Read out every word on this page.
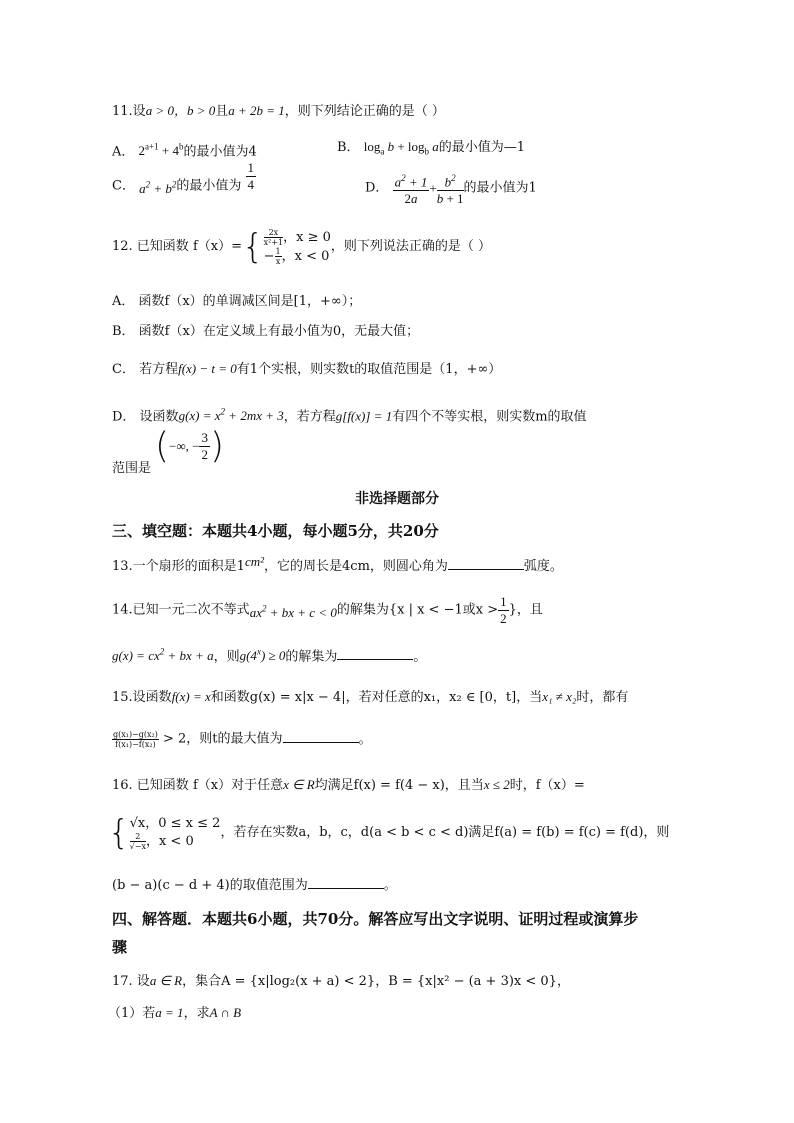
11.设a > 0，b > 0且a + 2b = 1，则下列结论正确的是（ ）
A． $2^{a+1} + 4^b$的最小值为4	B． $\log_a b + \log_b a$的最小值为—1
C． $a^2 + b^2$的最小值为 $\frac{1}{4}$	D． $\frac{a^2 + 1}{2a} + \frac{b^2}{b + 1}$ 的最小值为1
12. 已知函数 $f(x)=\{ \frac{2x}{\text{x²+1}}$ ，x ≥ 0
− $\frac{1}{x}$ ，x < 0
，则下列说法正确的是（ ）
A． 函数f（x）的单调减区间是[1，+∞）；
B． 函数f（x）在定义域上有最小值为0，无最大值；
C． 若方程f(x) − t = 0有1个实根，则实数t的取值范围是（1，+∞）
D． 设函数$g(x) = x^2 + 2mx + 3$，若方程g[f(x)] = 1有四个不等实根，则实数m的取值
范围是
(−∞, − $\frac{3}{2}$ )
非选择题部分
三、填空题：本题共4小题，每小题5分，共20分
13.一个扇形的面积是1cm²，它的周长是4cm，则圆心角为	弧度。
14.已知一元二次不等式$ax^2$ + bx + c < 0的解集为{x | x < −1或$x > \frac{1}{2}$ }，且
$g(x) = cx^2$ + bx + a，则$g(4^x) \ge 0$的解集为	。
15.设函数f(x) = x和函数g(x) = x|x − 4|，若对任意的x₁，x₂ ∈ [0，t]，当x₁ ≠ x₂时，都有
$\frac{\text{g(x₁)−g(x₂)}}{\text{f(x₁)−f(x₂)}} > 2$，则t的最大值为	。
16. 已知函数 f（x）对于任意x ∈ R均满足f(x) = f(4 − x)，且当x ≤ 2时，f（x）=
{ √x，0 ≤ x ≤ 2
$\frac{2}{√-x}$ ，x < 0
，若存在实数a，b，c，d(a < b < c < d)满足f(a) = f(b) = f(c) = f(d)，则
(b − a)(c − d + 4)的取值范围为	。
四、解答题．本题共6小题，共70分。解答应写出文字说明、证明过程或演算步
骤
17. 设a ∈ R，集合A = {x|log₂(x + a) < 2}，B = {x|x² − (a + 3)x < 0}，
（1）若a = 1，求A ∩ B
